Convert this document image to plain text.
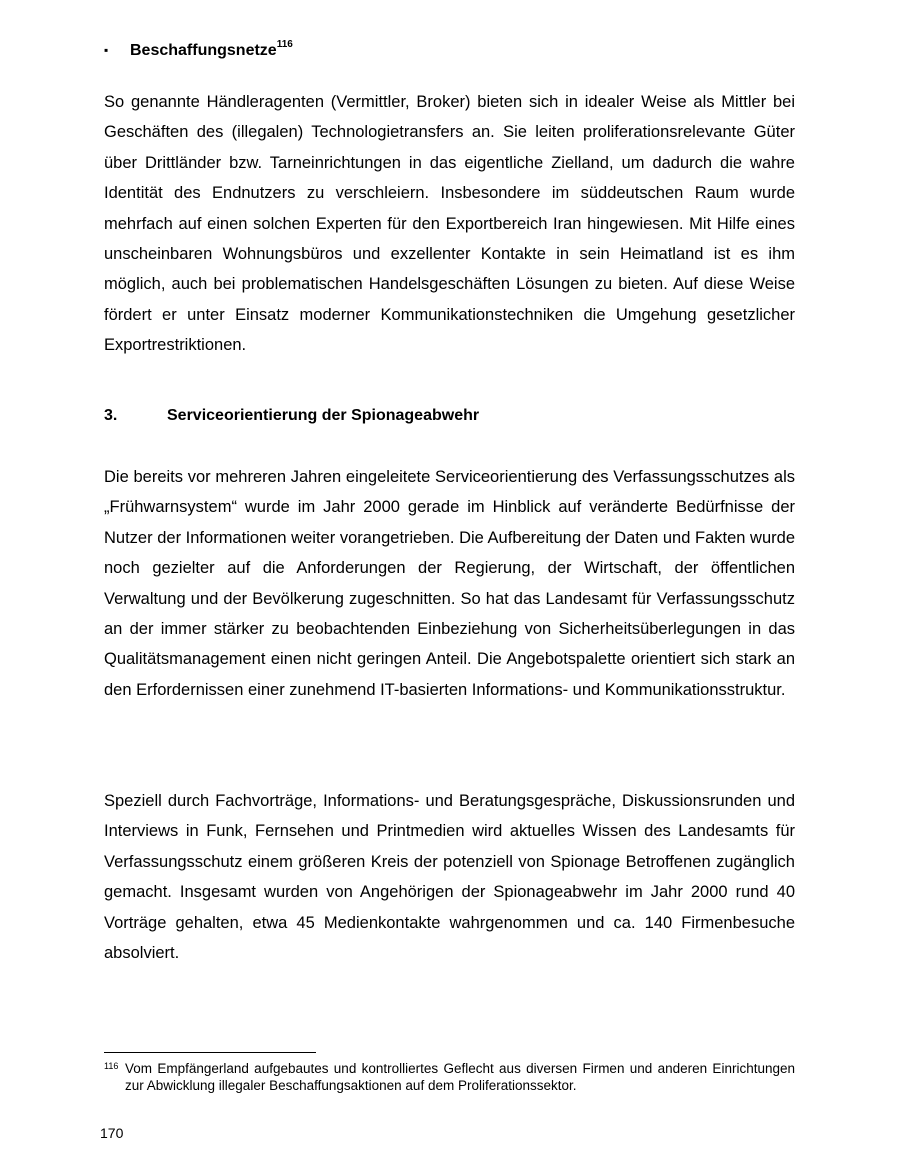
▪ Beschaffungsnetze$^{116}$

So genannte Händleragenten (Vermittler, Broker) bieten sich in idealer Weise als Mittler bei Geschäften des (illegalen) Technologietransfers an. Sie leiten proliferationsrelevante Güter über Drittländer bzw. Tarneinrichtungen in das eigentliche Zielland, um dadurch die wahre Identität des Endnutzers zu verschleiern. Insbesondere im süddeutschen Raum wurde mehrfach auf einen solchen Experten für den Exportbereich Iran hingewiesen. Mit Hilfe eines unscheinbaren Wohnungsbüros und exzellenter Kontakte in sein Heimatland ist es ihm möglich, auch bei problematischen Handelsgeschäften Lösungen zu bieten. Auf diese Weise fördert er unter Einsatz moderner Kommunikationstechniken die Umgehung gesetzlicher Exportrestriktionen.

3.	Serviceorientierung der Spionageabwehr

Die bereits vor mehreren Jahren eingeleitete Serviceorientierung des Verfassungsschutzes als „Frühwarnsystem“ wurde im Jahr 2000 gerade im Hinblick auf veränderte Bedürfnisse der Nutzer der Informationen weiter vorangetrieben. Die Aufbereitung der Daten und Fakten wurde noch gezielter auf die Anforderungen der Regierung, der Wirtschaft, der öffentlichen Verwaltung und der Bevölkerung zugeschnitten. So hat das Landesamt für Verfassungsschutz an der immer stärker zu beobachtenden Einbeziehung von Sicherheitsüberlegungen in das Qualitätsmanagement einen nicht geringen Anteil. Die Angebotspalette orientiert sich stark an den Erfordernissen einer zunehmend IT-basierten Informations- und Kommunikationsstruktur.

Speziell durch Fachvorträge, Informations- und Beratungsgespräche, Diskussionsrunden und Interviews in Funk, Fernsehen und Printmedien wird aktuelles Wissen des Landesamts für Verfassungsschutz einem größeren Kreis der potenziell von Spionage Betroffenen zugänglich gemacht. Insgesamt wurden von Angehörigen der Spionageabwehr im Jahr 2000 rund 40 Vorträge gehalten, etwa 45 Medienkontakte wahrgenommen und ca. 140 Firmenbesuche absolviert.

116 Vom Empfängerland aufgebautes und kontrolliertes Geflecht aus diversen Firmen und anderen Einrichtungen zur Abwicklung illegaler Beschaffungsaktionen auf dem Proliferationssektor.
170
